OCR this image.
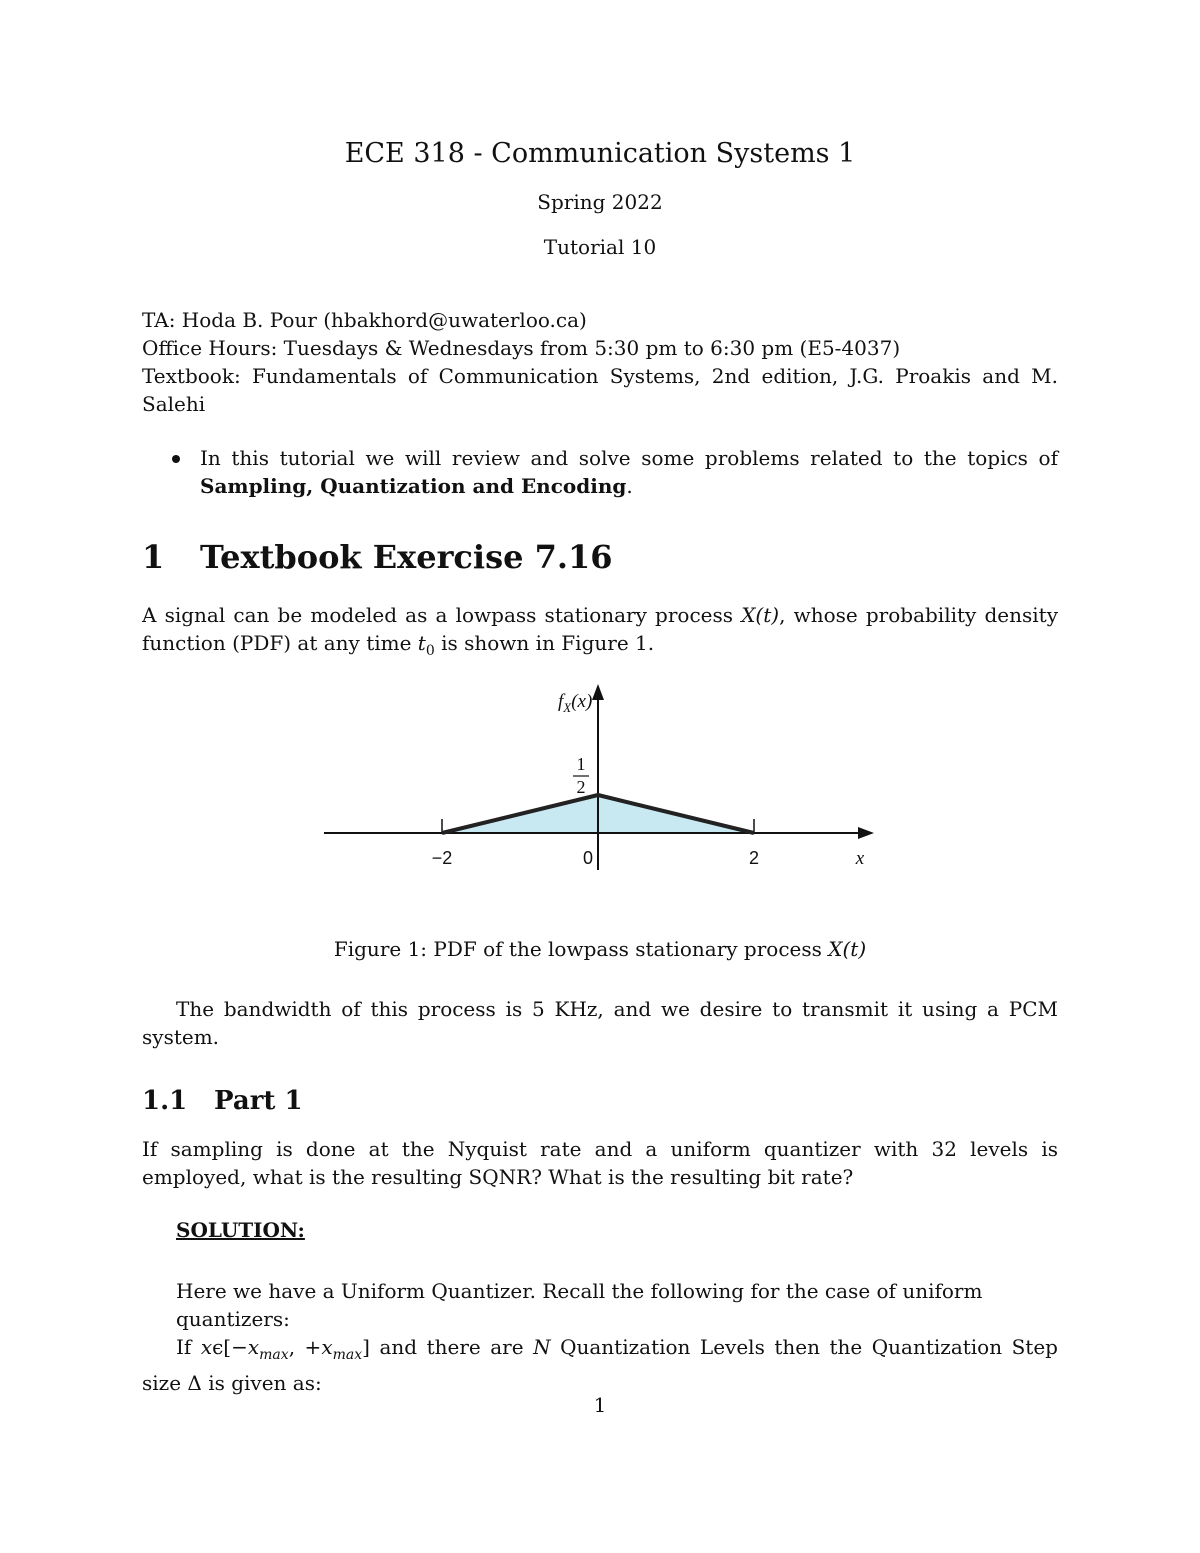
ECE 318 - Communication Systems 1
Spring 2022
Tutorial 10
TA: Hoda B. Pour (hbakhord@uwaterloo.ca)
Office Hours: Tuesdays & Wednesdays from 5:30 pm to 6:30 pm (E5-4037)
Textbook: Fundamentals of Communication Systems, 2nd edition, J.G. Proakis and M. Salehi
In this tutorial we will review and solve some problems related to the topics of Sampling, Quantization and Encoding.
1 Textbook Exercise 7.16
A signal can be modeled as a lowpass stationary process X(t), whose probability density function (PDF) at any time $t_0$ is shown in Figure 1.
−2	0	2	x
1
2
$f_X(x)$
Figure 1: PDF of the lowpass stationary process X(t)
The bandwidth of this process is 5 KHz, and we desire to transmit it using a PCM system.
1.1 Part 1
If sampling is done at the Nyquist rate and a uniform quantizer with 32 levels is employed, what is the resulting SQNR? What is the resulting bit rate?
SOLUTION:
Here we have a Uniform Quantizer. Recall the following for the case of uniform quantizers:
If $x\epsilon[-x_{max}$, $+x_{max}$] and there are N Quantization Levels then the Quantization Step size Δ is given as:
1
